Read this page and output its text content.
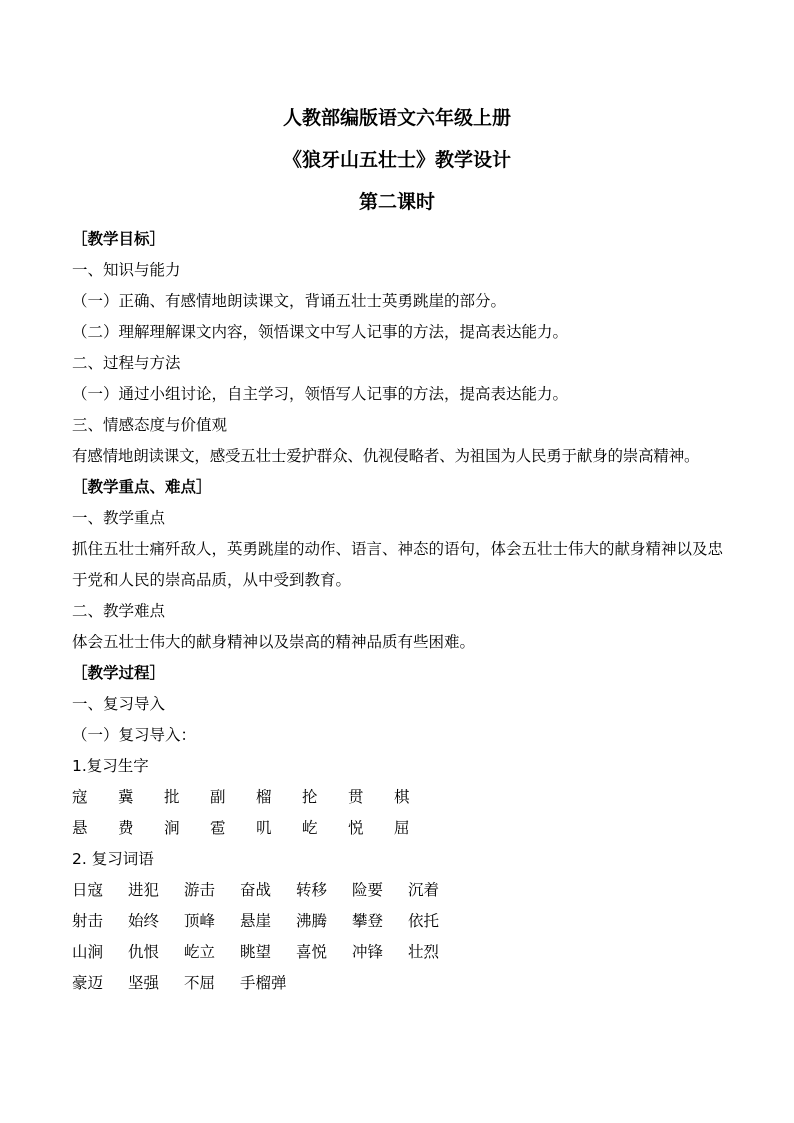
人教部编版语文六年级上册
《狼牙山五壮士》教学设计
第二课时

［教学目标］

一、知识与能力

（一）正确、有感情地朗读课文，背诵五壮士英勇跳崖的部分。

（二）理解理解课文内容，领悟课文中写人记事的方法，提高表达能力。

二、过程与方法

（一）通过小组讨论，自主学习，领悟写人记事的方法，提高表达能力。

三、情感态度与价值观

有感情地朗读课文，感受五壮士爱护群众、仇视侵略者、为祖国为人民勇于献身的崇高精神。

［教学重点、难点］

一、教学重点

抓住五壮士痛歼敌人，英勇跳崖的动作、语言、神态的语句，体会五壮士伟大的献身精神以及忠于党和人民的崇高品质，从中受到教育。

二、教学难点

体会五壮士伟大的献身精神以及崇高的精神品质有些困难。

［教学过程］

一、复习导入

（一）复习导入：

1.复习生字

寇	冀	批	副	榴	抡	贯	棋
悬	费	涧	雹	叽	屹	悦	屈

2. 复习词语

日寇	进犯	游击	奋战	转移	险要	沉着
射击	始终	顶峰	悬崖	沸腾	攀登	依托
山涧	仇恨	屹立	眺望	喜悦	冲锋	壮烈
豪迈	坚强	不屈	手榴弹
